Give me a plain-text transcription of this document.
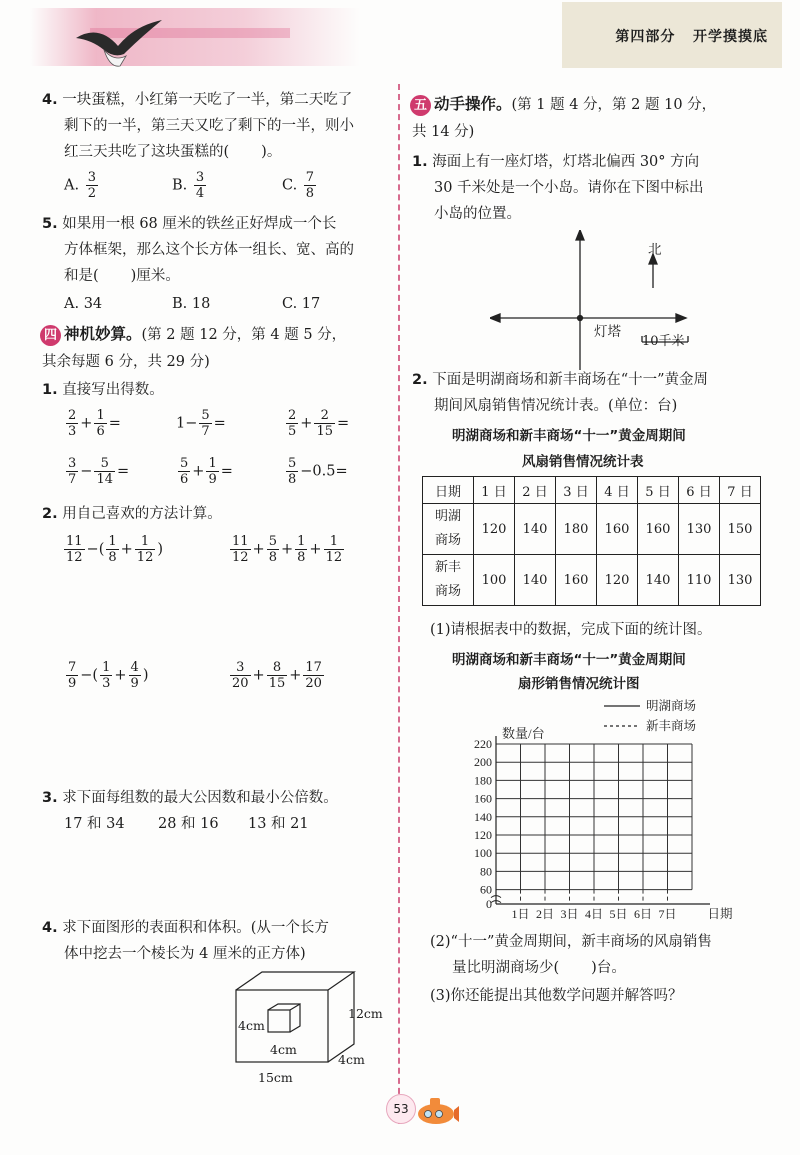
第四部分 开学摸摸底
4. 一块蛋糕，小红第一天吃了一半，第二天吃了
剩下的一半，第三天又吃了剩下的一半，则小
红三天共吃了这块蛋糕的( )。
A. $\frac{3}{2}$	B. $\frac{3}{4}$	C. $\frac{7}{8}$
5. 如果用一根 68 厘米的铁丝正好焊成一个长
方体框架，那么这个长方体一组长、宽、高的
和是( )厘米。
A. 34	B. 18	C. 17
四 神机妙算。(第 2 题 12 分，第 4 题 5 分，
其余每题 6 分，共 29 分)
1. 直接写出得数。
$\frac{2}{3} + \frac{1}{6}$ =	$1- \frac{5}{7}$ =	$\frac{2}{5} + \frac{2}{15}$ =
$\frac{3}{7} - \frac{5}{14}$ =	$\frac{5}{6} + \frac{1}{9}$ =	$\frac{5}{8} -0.5=$
2. 用自己喜欢的方法计算。
$\frac{11}{12}$ −( $\frac{1}{8} + \frac{1}{12}$ )	$\frac{11}{12} + \frac{5}{8} + \frac{1}{8} + \frac{1}{12}$
$\frac{7}{9}$ −( $\frac{1}{3} + \frac{4}{9}$ )	$\frac{3}{20} + \frac{8}{15} + \frac{17}{20}$
3. 求下面每组数的最大公因数和最小公倍数。
17 和 34 28 和 16 13 和 21
4. 求下面图形的表面积和体积。(从一个长方
体中挖去一个棱长为 4 厘米的正方体)
4cm
4cm
12cm
4cm
15cm
五 动手操作。(第 1 题 4 分，第 2 题 10 分，
共 14 分)
1. 海面上有一座灯塔，灯塔北偏西 30° 方向
30 千米处是一个小岛。请你在下图中标出
小岛的位置。
北
灯塔
10千米
2. 下面是明湖商场和新丰商场在“十一”黄金周
期间风扇销售情况统计表。(单位：台)
明湖商场和新丰商场“十一”黄金周期间
风扇销售情况统计表
日期	1 日	2 日	3 日	4 日	5 日	6 日	7 日
明湖
商场	120	140	180	160	160	130	150
新丰
商场	100	140	160	120	140	110	130
(1)请根据表中的数据，完成下面的统计图。
明湖商场和新丰商场“十一”黄金周期间
扇形销售情况统计图
明湖商场
新丰商场
数量/台
220
200
180
160
140
120
100
80
60
0
1日 2日 3日 4日 5日 6日 7日 日期
(2)“十一”黄金周期间，新丰商场的风扇销售
量比明湖商场少( )台。
(3)你还能提出其他数学问题并解答吗？
53
